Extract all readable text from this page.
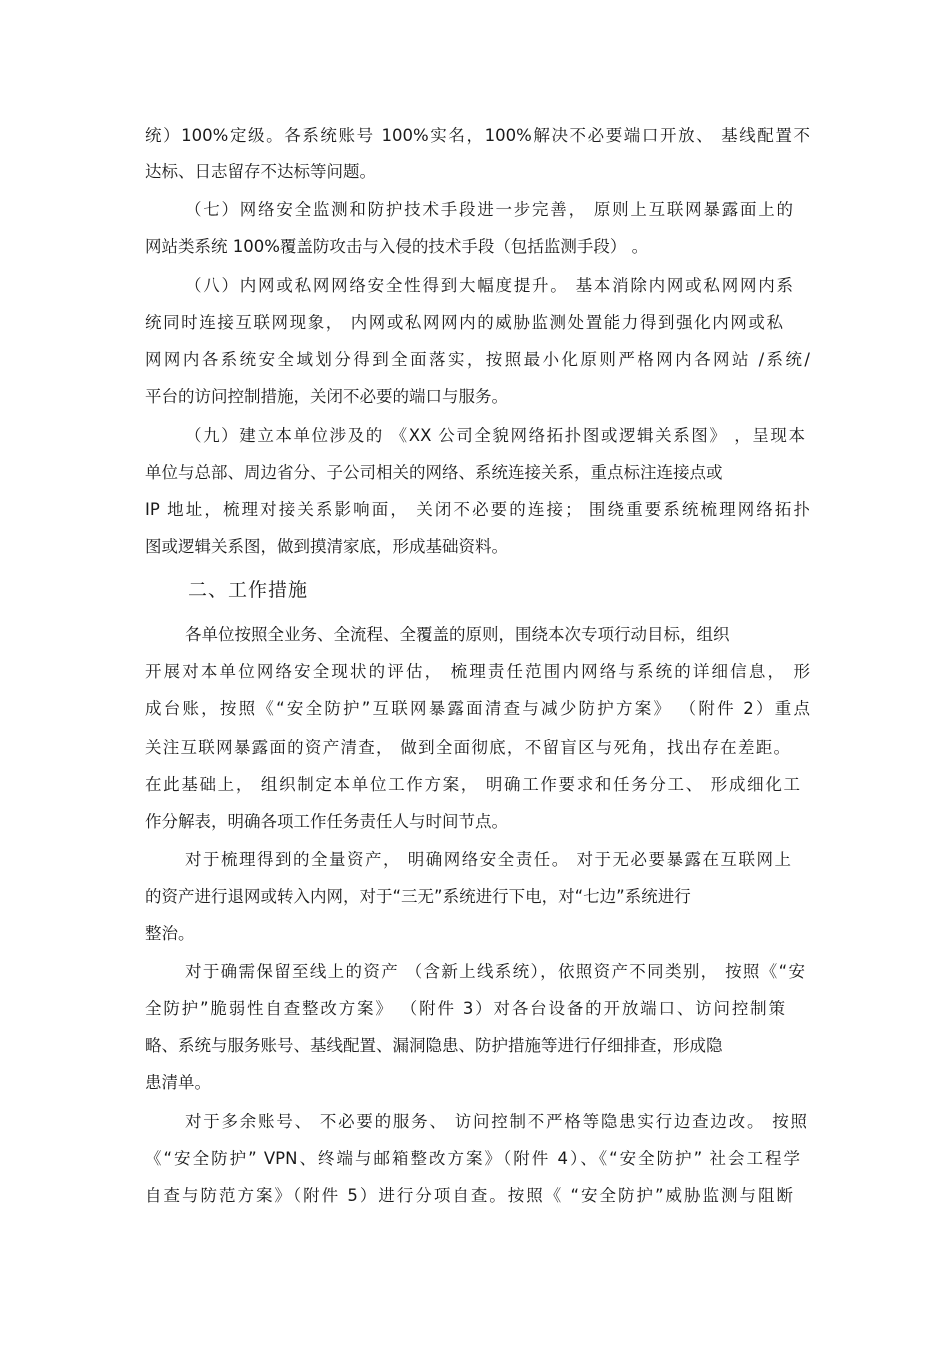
统）100%定级。各系统账号 100%实名，100%解决不必要端口开放、 基线配置不
达标、日志留存不达标等问题。
（七）网络安全监测和防护技术手段进一步完善， 原则上互联网暴露面上的
网站类系统 100%覆盖防攻击与入侵的技术手段（包括监测手段） 。
（八）内网或私网网络安全性得到大幅度提升。 基本消除内网或私网网内系
统同时连接互联网现象， 内网或私网网内的威胁监测处置能力得到强化内网或私
网网内各系统安全域划分得到全面落实，按照最小化原则严格网内各网站 /系统/
平台的访问控制措施，关闭不必要的端口与服务。
（九）建立本单位涉及的 《XX 公司全貌网络拓扑图或逻辑关系图》 ，呈现本
单位与总部、周边省分、子公司相关的网络、系统连接关系，重点标注连接点或
IP 地址，梳理对接关系影响面， 关闭不必要的连接； 围绕重要系统梳理网络拓扑
图或逻辑关系图，做到摸清家底，形成基础资料。
二、工作措施
各单位按照全业务、全流程、全覆盖的原则，围绕本次专项行动目标，组织
开展对本单位网络安全现状的评估， 梳理责任范围内网络与系统的详细信息， 形
成台账，按照《“安全防护”互联网暴露面清查与减少防护方案》 （附件 2）重点
关注互联网暴露面的资产清查， 做到全面彻底，不留盲区与死角，找出存在差距。
在此基础上， 组织制定本单位工作方案， 明确工作要求和任务分工、 形成细化工
作分解表，明确各项工作任务责任人与时间节点。
对于梳理得到的全量资产， 明确网络安全责任。 对于无必要暴露在互联网上
的资产进行退网或转入内网，对于“三无”系统进行下电，对“七边”系统进行
整治。
对于确需保留至线上的资产 （含新上线系统），依照资产不同类别， 按照《“安
全防护”脆弱性自查整改方案》 （附件 3）对各台设备的开放端口、访问控制策
略、系统与服务账号、基线配置、漏洞隐患、防护措施等进行仔细排查，形成隐
患清单。
对于多余账号、 不必要的服务、 访问控制不严格等隐患实行边查边改。 按照
《“安全防护” VPN、终端与邮箱整改方案》（附件 4）、《“安全防护” 社会工程学
自查与防范方案》（附件 5）进行分项自查。按照《 “安全防护”威胁监测与阻断
